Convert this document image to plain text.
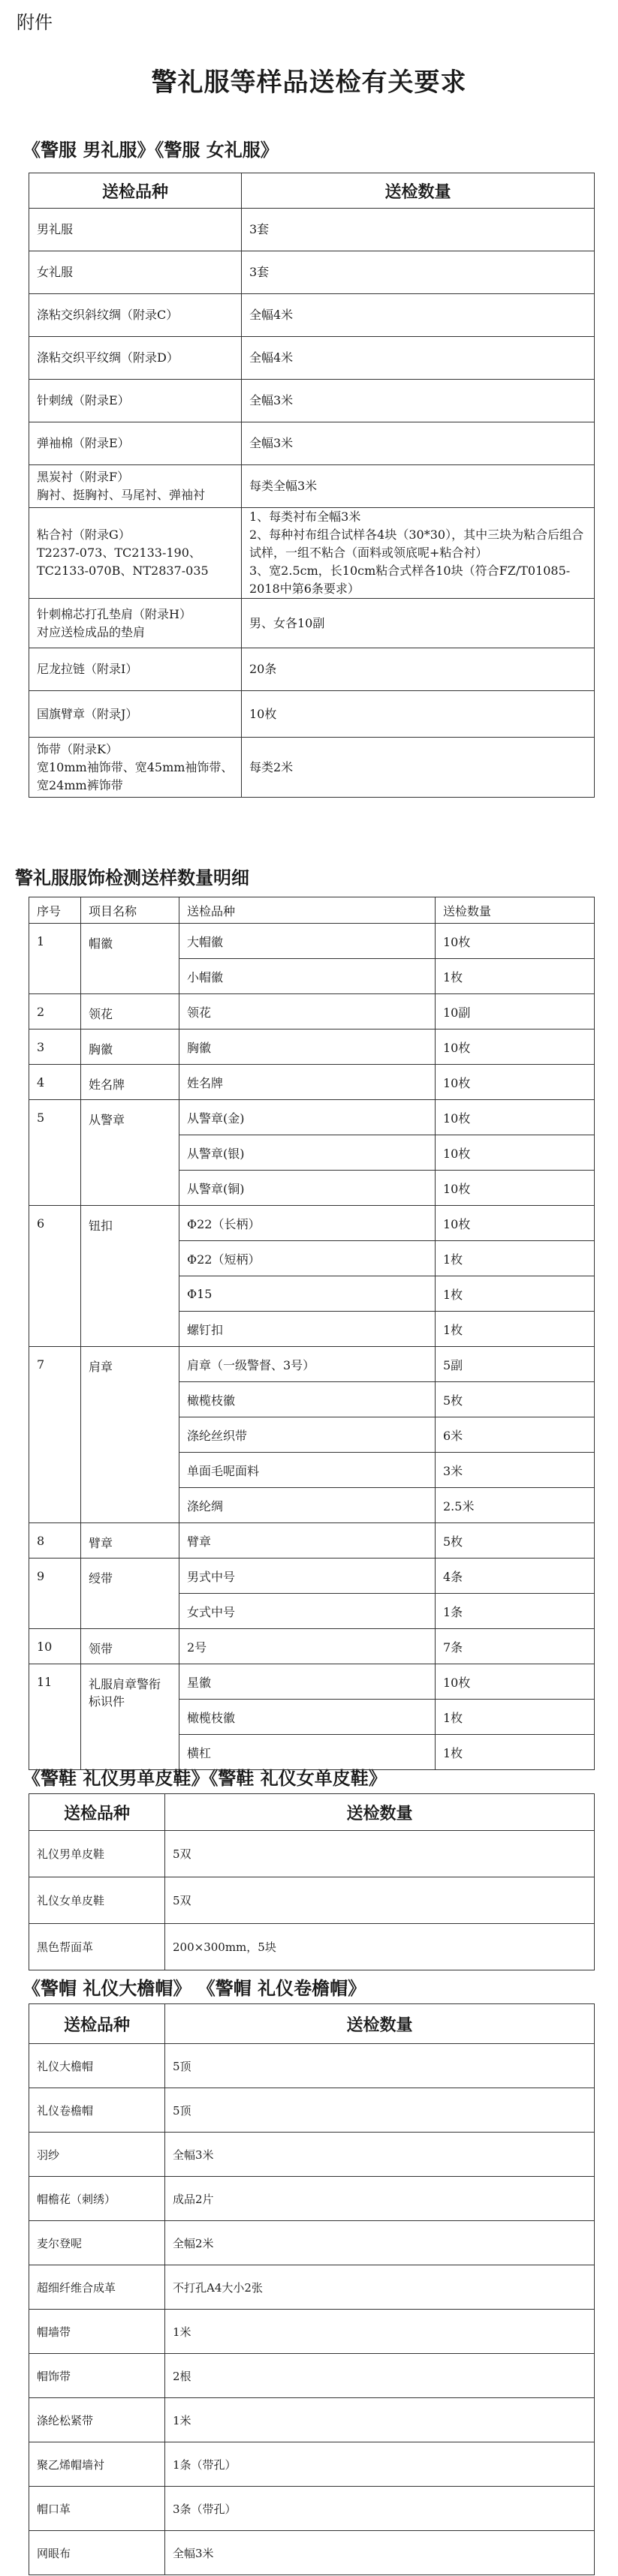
附件
警礼服等样品送检有关要求
《警服 男礼服》《警服 女礼服》
送检品种	送检数量
男礼服	3套
女礼服	3套
涤粘交织斜纹绸（附录C）	全幅4米
涤粘交织平纹绸（附录D）	全幅4米
针刺绒（附录E）	全幅3米
弹袖棉（附录E）	全幅3米
黑炭衬（附录F）
胸衬、挺胸衬、马尾衬、弹袖衬	每类全幅3米
粘合衬（附录G）
T2237-073、TC2133-190、
TC2133-070B、NT2837-035	1、每类衬布全幅3米
2、每种衬布组合试样各4块（30*30），其中三块为粘合后组合试样，一组不粘合（面料或领底呢+粘合衬）
3、宽2.5cm，长10cm粘合式样各10块（符合FZ/T01085-2018中第6条要求）
针刺棉芯打孔垫肩（附录H）
对应送检成品的垫肩	男、女各10副
尼龙拉链（附录I）	20条
国旗臂章（附录J）	10枚
饰带（附录K）
宽10mm袖饰带、宽45mm袖饰带、宽24mm裤饰带	每类2米
警礼服服饰检测送样数量明细
序号	项目名称	送检品种	送检数量
1	帽徽	大帽徽	10枚
		小帽徽	1枚
2	领花	领花	10副
3	胸徽	胸徽	10枚
4	姓名牌	姓名牌	10枚
5	从警章	从警章(金)	10枚
		从警章(银)	10枚
		从警章(铜)	10枚
6	钮扣	Φ22（长柄）	10枚
		Φ22（短柄）	1枚
		Φ15	1枚
		螺钉扣	1枚
7	肩章	肩章（一级警督、3号）	5副
		橄榄枝徽	5枚
		涤纶丝织带	6米
		单面毛呢面料	3米
		涤纶绸	2.5米
8	臂章	臂章	5枚
9	绶带	男式中号	4条
		女式中号	1条
10	领带	2号	7条
11	礼服肩章警衔标识件	星徽	10枚
		橄榄枝徽	1枚
		横杠	1枚
《警鞋 礼仪男单皮鞋》《警鞋 礼仪女单皮鞋》
送检品种	送检数量
礼仪男单皮鞋	5双
礼仪女单皮鞋	5双
黑色帮面革	200×300mm，5块
《警帽 礼仪大檐帽》 《警帽 礼仪卷檐帽》
送检品种	送检数量
礼仪大檐帽	5顶
礼仪卷檐帽	5顶
羽纱	全幅3米
帽檐花（刺绣）	成品2片
麦尔登呢	全幅2米
超细纤维合成革	不打孔A4大小2张
帽墙带	1米
帽饰带	2根
涤纶松紧带	1米
聚乙烯帽墙衬	1条（带孔）
帽口革	3条（带孔）
网眼布	全幅3米
